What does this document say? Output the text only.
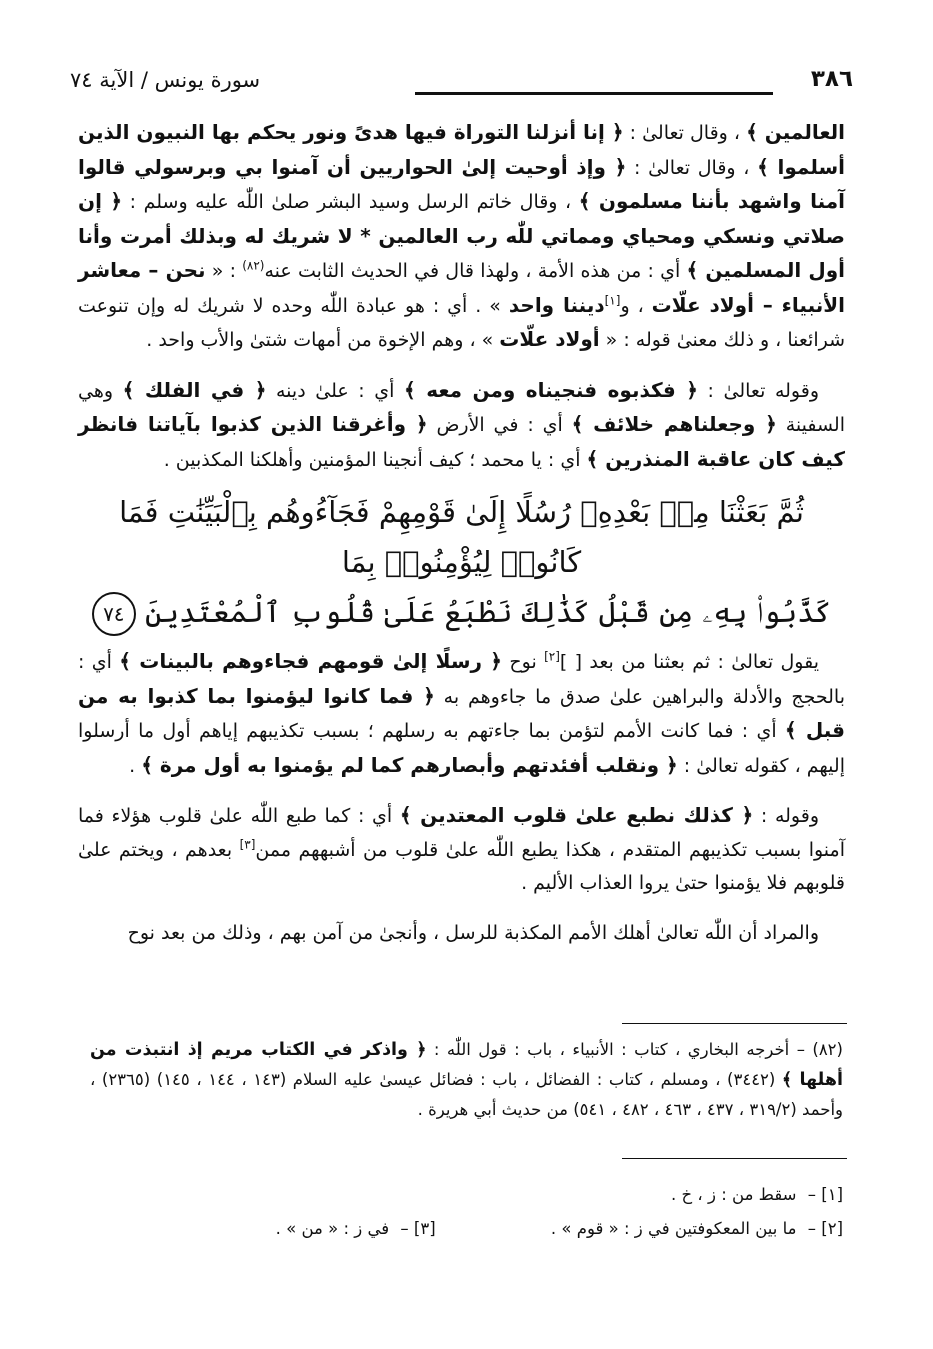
٣٨٦
سورة يونس / الآية ٧٤

العالمين ﴾ ، وقال تعالىٰ : ﴿ إنا أنزلنا التوراة فيها هدىً ونور يحكم بها النبيون الذين أسلموا ﴾ ، وقال تعالىٰ : ﴿ وإذ أوحيت إلىٰ الحواريين أن آمنوا بي وبرسولي قالوا آمنا واشهد بأننا مسلمون ﴾ ، وقال خاتم الرسل وسيد البشر صلىٰ اللّٰه عليه وسلم : ﴿ إن صلاتي ونسكي ومحياي ومماتي للّٰه رب العالمين * لا شريك له وبذلك أمرت وأنا أول المسلمين ﴾ أي : من هذه الأمة ، ولهذا قال في الحديث الثابت عنه$^{(٨٢)}$ : « نحن – معاشر الأنبياء – أولاد علّات ، و[١]ديننا واحد » . أي : هو عبادة اللّٰه وحده لا شريك له وإن تنوعت شرائعنا ، و ذلك معنىٰ قوله : « أولاد علّات » ، وهم الإخوة من أمهات شتىٰ والأب واحد .

وقوله تعالىٰ : ﴿ فكذبوه فنجيناه ومن معه ﴾ أي : علىٰ دينه ﴿ في الفلك ﴾ وهي السفينة ﴿ وجعلناهم خلائف ﴾ أي : في الأرض ﴿ وأغرقنا الذين كذبوا بآياتنا فانظر كيف كان عاقبة المنذرين ﴾ أي : يا محمد ؛ كيف أنجينا المؤمنين وأهلكنا المكذبين .

ثُمَّ بَعَثْنَا مِنۢ بَعْدِهِۦ رُسُلًا إِلَىٰ قَوْمِهِمْ فَجَآءُوهُم بِٱلْبَيِّنَٰتِ فَمَا كَانُوا۟ لِيُؤْمِنُوا۟ بِمَا
كَذَّبُوا۟ بِهِۦ مِن قَبْلُ كَذَٰلِكَ نَطْبَعُ عَلَىٰ قُلُوبِ ٱلْمُعْتَدِينَ ٧٤

يقول تعالىٰ : ثم بعثنا من بعد [ ][٢] نوح ﴿ رسلًا إلىٰ قومهم فجاءوهم بالبينات ﴾ أي : بالحجج والأدلة والبراهين علىٰ صدق ما جاءوهم به ﴿ فما كانوا ليؤمنوا بما كذبوا به من قبل ﴾ أي : فما كانت الأمم لتؤمن بما جاءتهم به رسلهم ؛ بسبب تكذيبهم إياهم أول ما أرسلوا إليهم ، كقوله تعالىٰ : ﴿ ونقلب أفئدتهم وأبصارهم كما لم يؤمنوا به أول مرة ﴾ .

وقوله : ﴿ كذلك نطبع علىٰ قلوب المعتدين ﴾ أي : كما طبع اللّٰه علىٰ قلوب هؤلاء فما آمنوا بسبب تكذيبهم المتقدم ، هكذا يطبع اللّٰه علىٰ قلوب من أشبههم ممن[٣] بعدهم ، ويختم علىٰ قلوبهم فلا يؤمنوا حتىٰ يروا العذاب الأليم .

والمراد أن اللّٰه تعالىٰ أهلك الأمم المكذبة للرسل ، وأنجىٰ من آمن بهم ، وذلك من بعد نوح

(٨٢) – أخرجه البخاري ، كتاب : الأنبياء ، باب : قول اللّٰه : ﴿ واذكر في الكتاب مريم إذ انتبذت من أهلها ﴾ (٣٤٤٢) ، ومسلم ، كتاب : الفضائل ، باب : فضائل عيسىٰ عليه السلام (١٤٣ ، ١٤٤ ، ١٤٥) (٢٣٦٥) ، وأحمد (٣١٩/٢ ، ٤٣٧ ، ٤٦٣ ، ٤٨٢ ، ٥٤١) من حديث أبي هريرة .
[١] – سقط من : ز ، خ .
[٢] – ما بين المعكوفتين في ز : « قوم » . [٣] – في ز : « من » .
